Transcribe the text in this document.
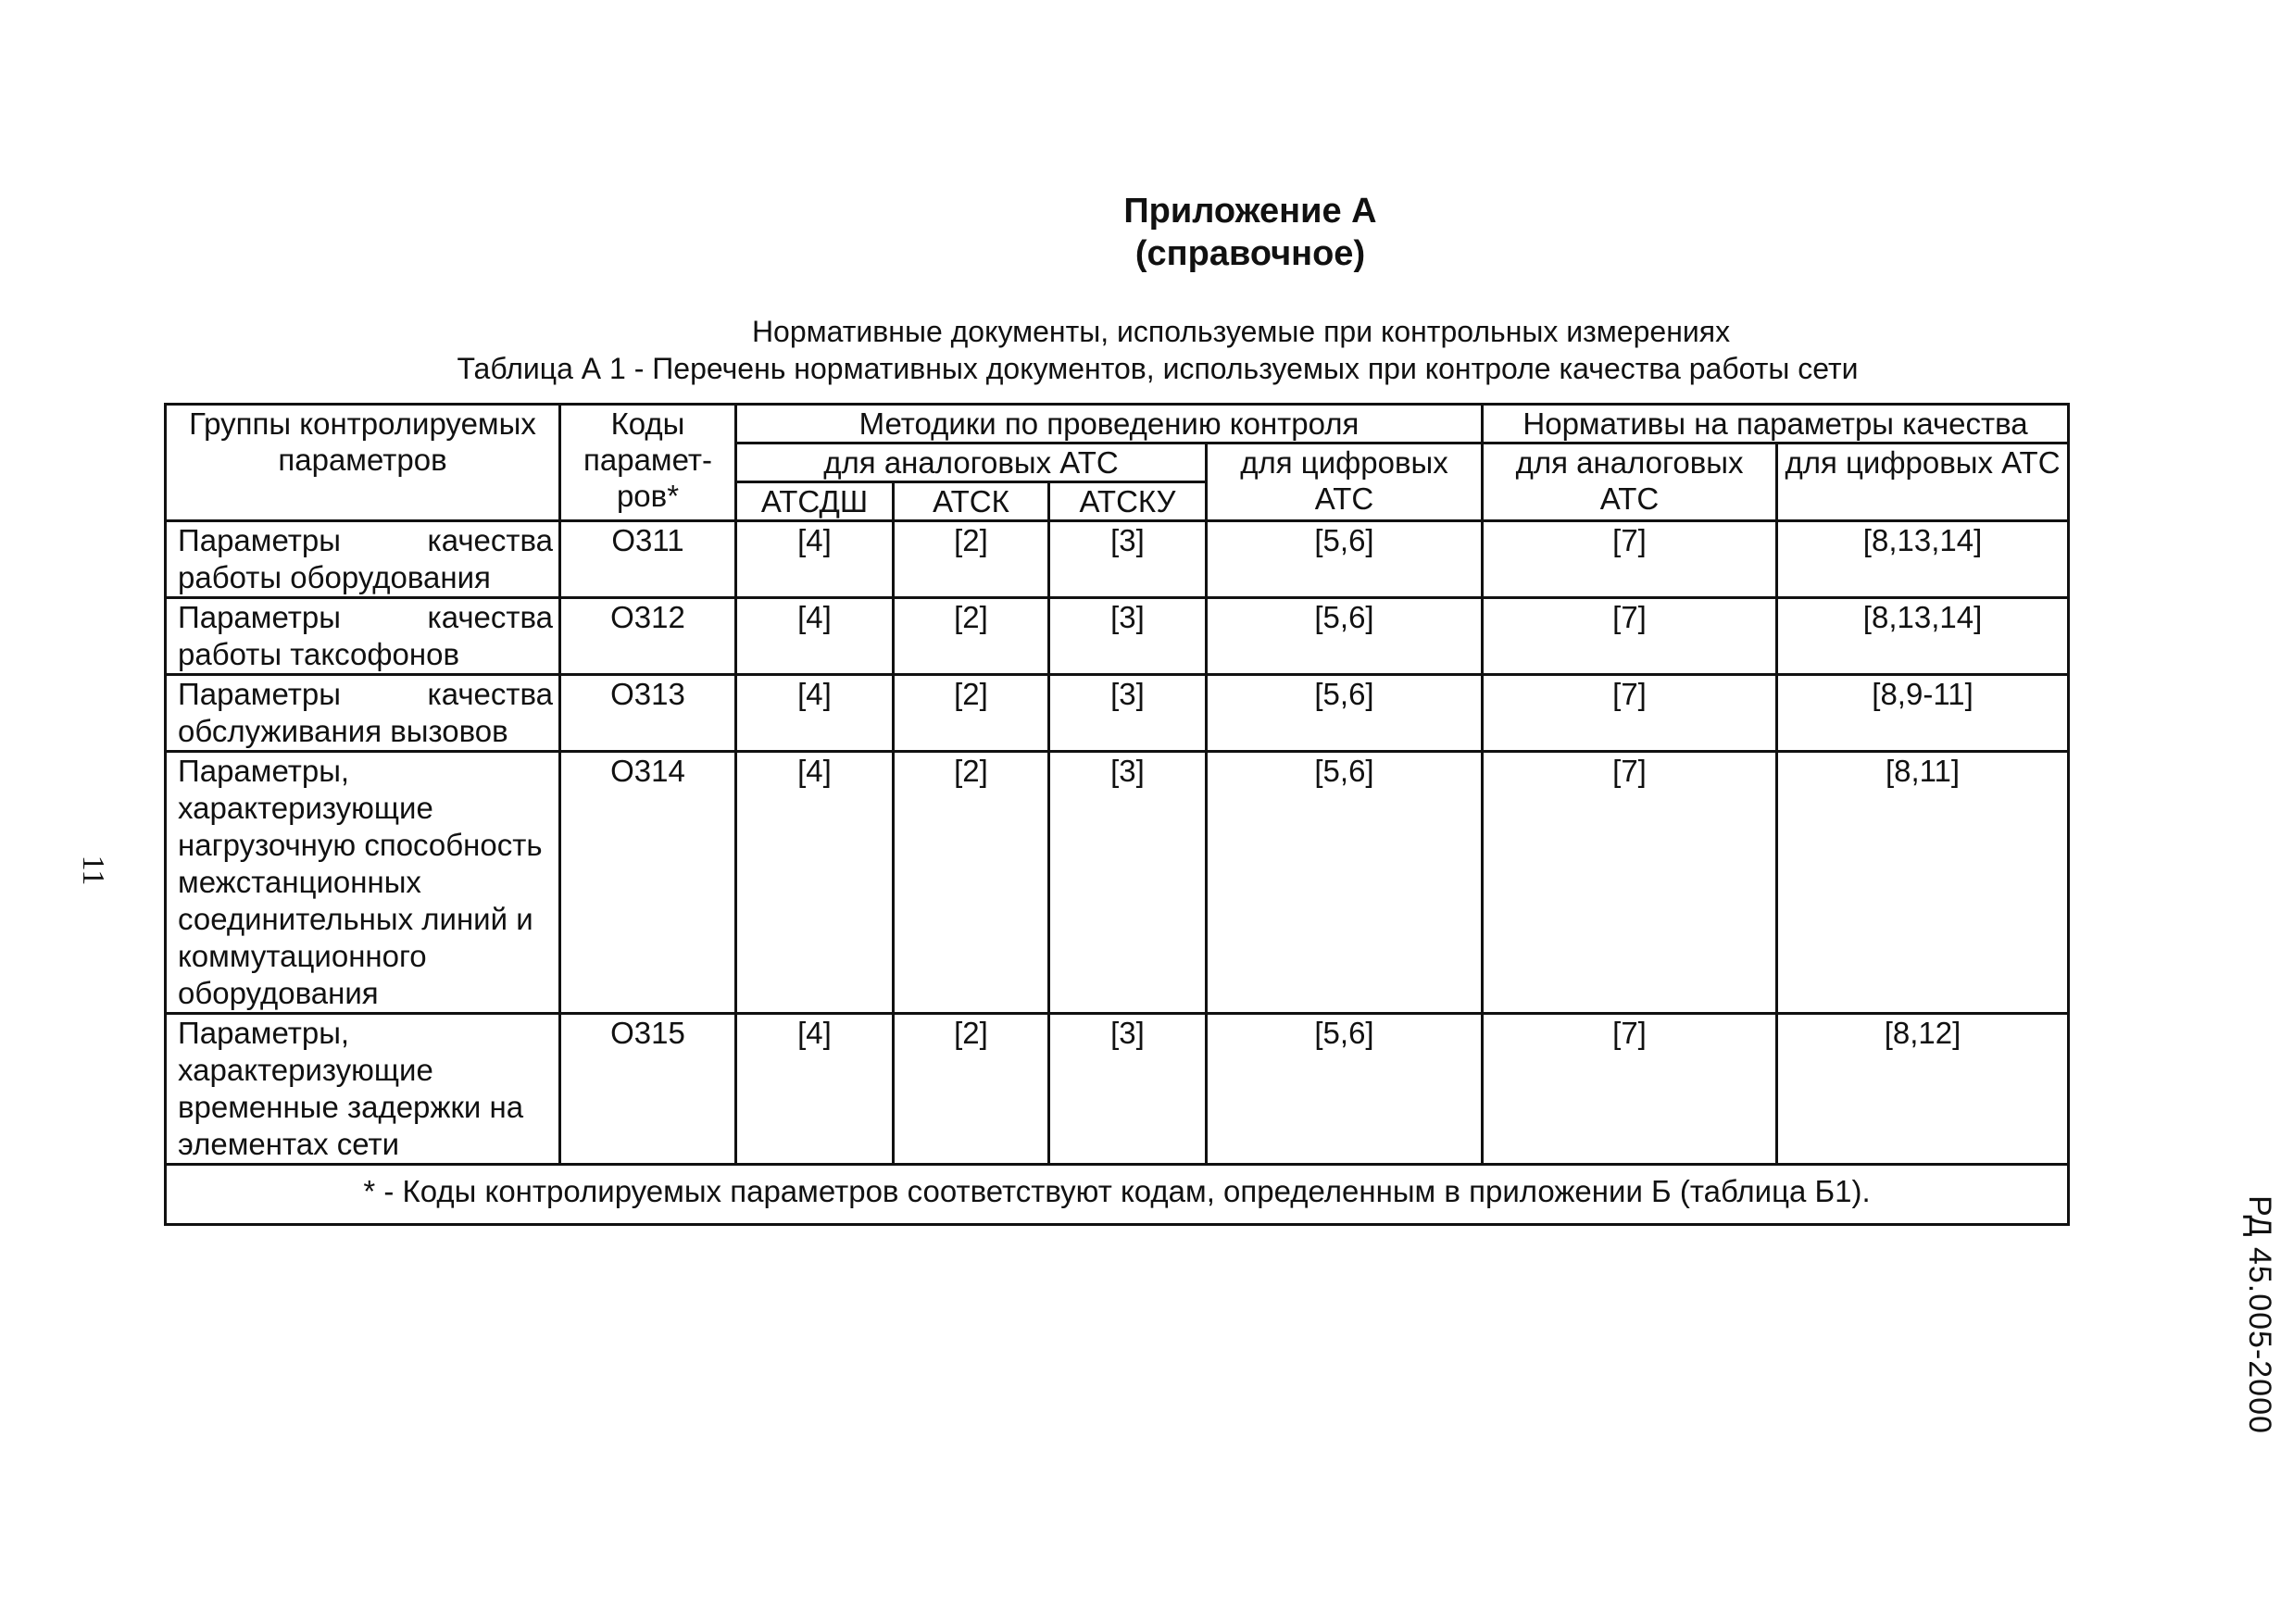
Приложение А
(справочное)
Нормативные документы, используемые при контрольных измерениях
Таблица А 1 - Перечень нормативных документов, используемых при контроле качества работы сети
Группы контролируемых параметров	Коды парамет-ров*	Методики по проведению контроля				Нормативы на параметры качества	
		для аналоговых АТС			для цифровых АТС	для аналоговых АТС	для цифровых АТС
		АТСДШ	АТСК	АТСКУ			
Параметры качества работы оборудования	О311	[4]	[2]	[3]	[5,6]	[7]	[8,13,14]
Параметры качества работы таксофонов	О312	[4]	[2]	[3]	[5,6]	[7]	[8,13,14]
Параметры качества обслуживания вызовов	О313	[4]	[2]	[3]	[5,6]	[7]	[8,9-11]
Параметры, характеризующие нагрузочную способность межстанционных соединительных линий и коммутационного оборудования	О314	[4]	[2]	[3]	[5,6]	[7]	[8,11]
Параметры, характеризующие временные задержки на элементах сети	О315	[4]	[2]	[3]	[5,6]	[7]	[8,12]
* - Коды контролируемых параметров соответствуют кодам, определенным в приложении Б (таблица Б1).							
11
РД 45.005-2000
